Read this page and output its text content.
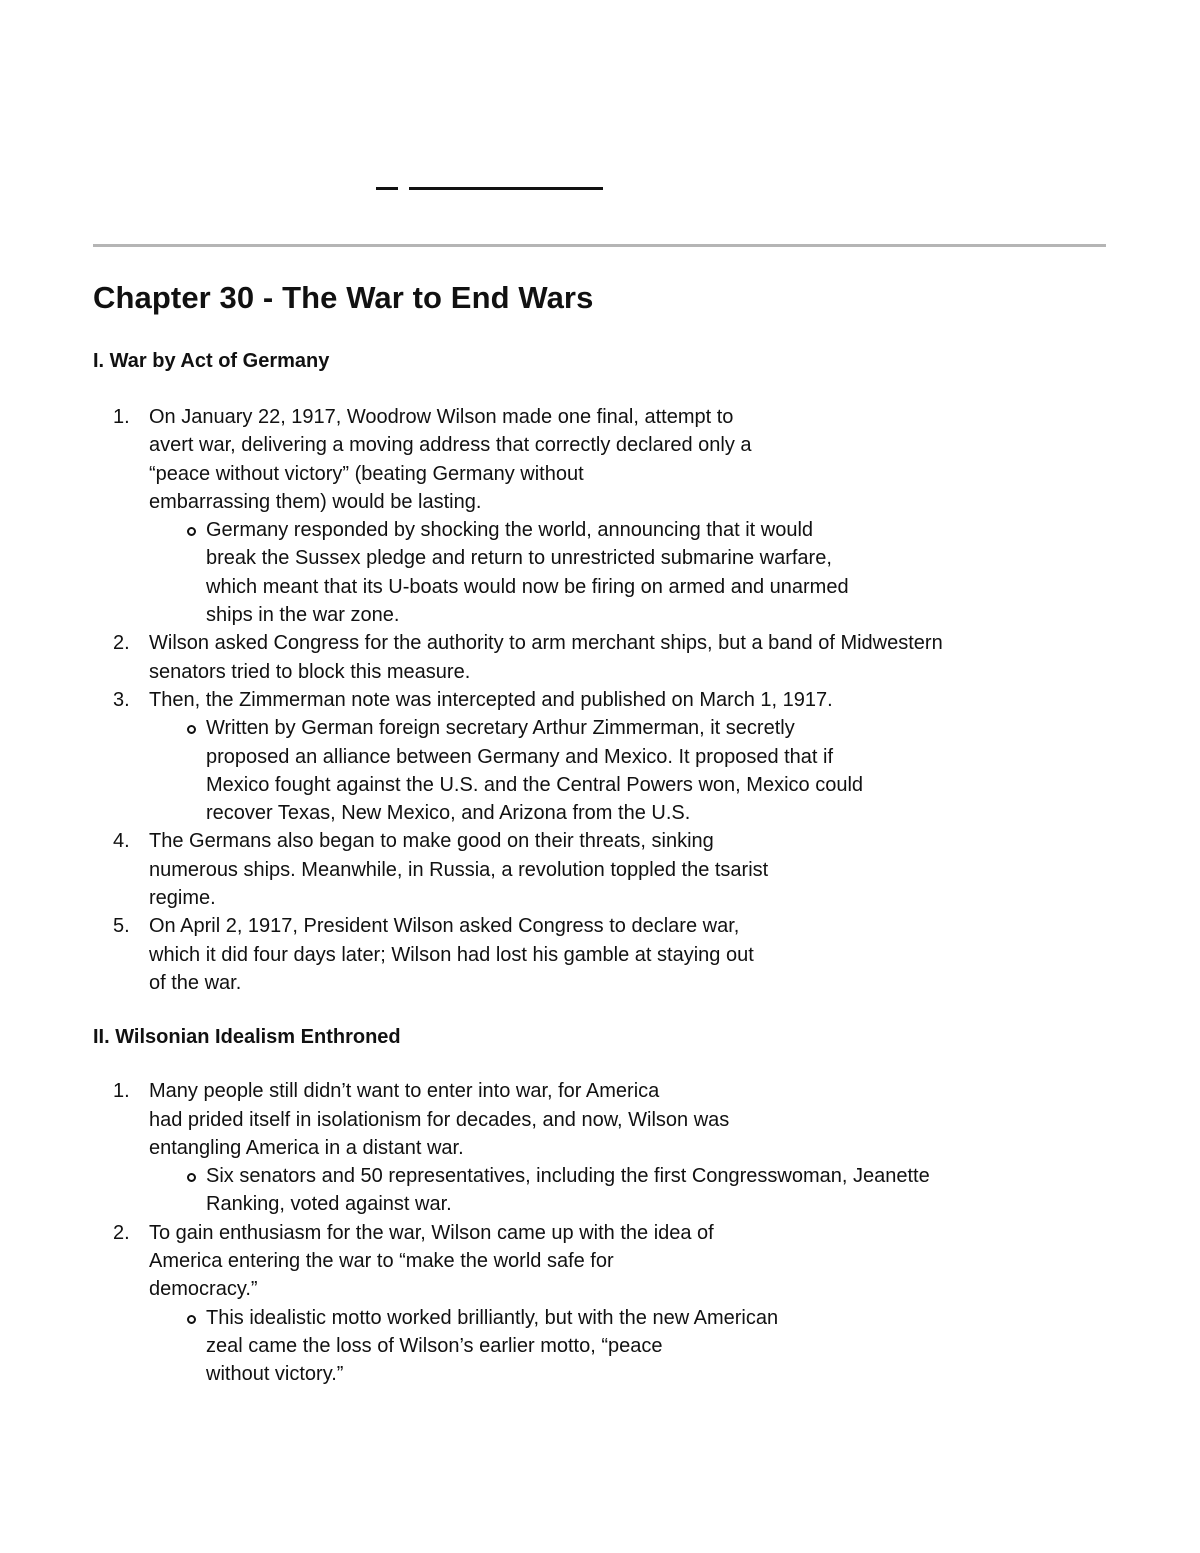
Chapter 30 - The War to End Wars
I. War by Act of Germany
1. On January 22, 1917, Woodrow Wilson made one final, attempt to
avert war, delivering a moving address that correctly declared only a
“peace without victory” (beating Germany without
embarrassing them) would be lasting.
Germany responded by shocking the world, announcing that it would
break the Sussex pledge and return to unrestricted submarine warfare,
which meant that its U-boats would now be firing on armed and unarmed
ships in the war zone.
2. Wilson asked Congress for the authority to arm merchant ships, but a band of Midwestern
senators tried to block this measure.
3. Then, the Zimmerman note was intercepted and published on March 1, 1917.
Written by German foreign secretary Arthur Zimmerman, it secretly
proposed an alliance between Germany and Mexico. It proposed that if
Mexico fought against the U.S. and the Central Powers won, Mexico could
recover Texas, New Mexico, and Arizona from the U.S.
4. The Germans also began to make good on their threats, sinking
numerous ships. Meanwhile, in Russia, a revolution toppled the tsarist
regime.
5. On April 2, 1917, President Wilson asked Congress to declare war,
which it did four days later; Wilson had lost his gamble at staying out
of the war.
II. Wilsonian Idealism Enthroned
1. Many people still didn’t want to enter into war, for America
had prided itself in isolationism for decades, and now, Wilson was
entangling America in a distant war.
Six senators and 50 representatives, including the first Congresswoman, Jeanette
Ranking, voted against war.
2. To gain enthusiasm for the war, Wilson came up with the idea of
America entering the war to “make the world safe for
democracy.”
This idealistic motto worked brilliantly, but with the new American
zeal came the loss of Wilson’s earlier motto, “peace
without victory.”
